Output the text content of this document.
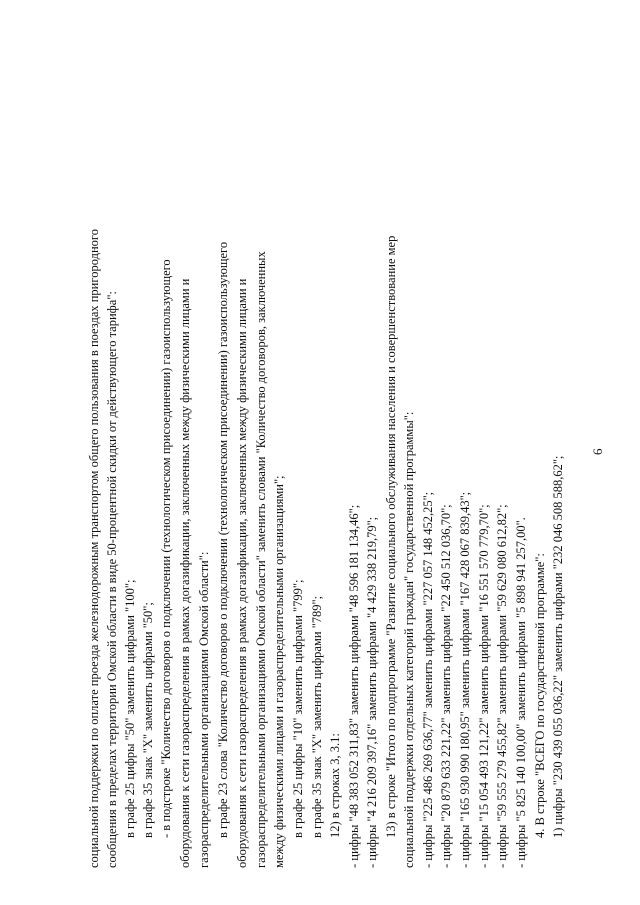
6

социальной поддержки по оплате проезда железнодорожным транспортом общего пользования в поездах пригородного сообщения в пределах территории Омской области в виде 50-процентной скидки от действующего тарифа": в графе 25 цифры "50" заменить цифрами "100"; в графе 35 знак "X" заменить цифрами "50"; - в подстроке "Количество договоров о подключении (технологическом присоединении) газоиспользующего оборудования к сети газораспределения в рамках догазификации, заключенных между физическими лицами и газораспределительными организациями Омской области": в графе 23 слова "Количество договоров о подключении (технологическом присоединении) газоиспользующего оборудования к сети газораспределения в рамках догазификации, заключенных между физическими лицами и газораспределительными организациями Омской области" заменить словами "Количество договоров, заключенных между физическими лицами и газораспределительными организациями"; в графе 25 цифры "10" заменить цифрами "799"; в графе 35 знак "X" заменить цифрами "789"; 12) в строках 3, 3.1: - цифры "48 383 052 311,83" заменить цифрами "48 596 181 134,46"; - цифры "4 216 209 397,16" заменить цифрами "4 429 338 219,79"; 13) в строке "Итого по подпрограмме "Развитие социального обслуживания населения и совершенствование мер социальной поддержки отдельных категорий граждан" государственной программы": - цифры "225 486 269 636,77" заменить цифрами "227 057 148 452,25"; - цифры "20 879 633 221,22" заменить цифрами "22 450 512 036,70"; - цифры "165 930 990 180,95" заменить цифрами "167 428 067 839,43"; - цифры "15 054 493 121,22" заменить цифрами "16 551 570 779,70"; - цифры "59 555 279 455,82" заменить цифрами "59 629 080 612,82"; - цифры "5 825 140 100,00" заменить цифрами "5 898 941 257,00". 4. В строке "ВСЕГО по государственной программе": 1) цифры "230 439 055 036,22" заменить цифрами "232 046 508 588,62";
